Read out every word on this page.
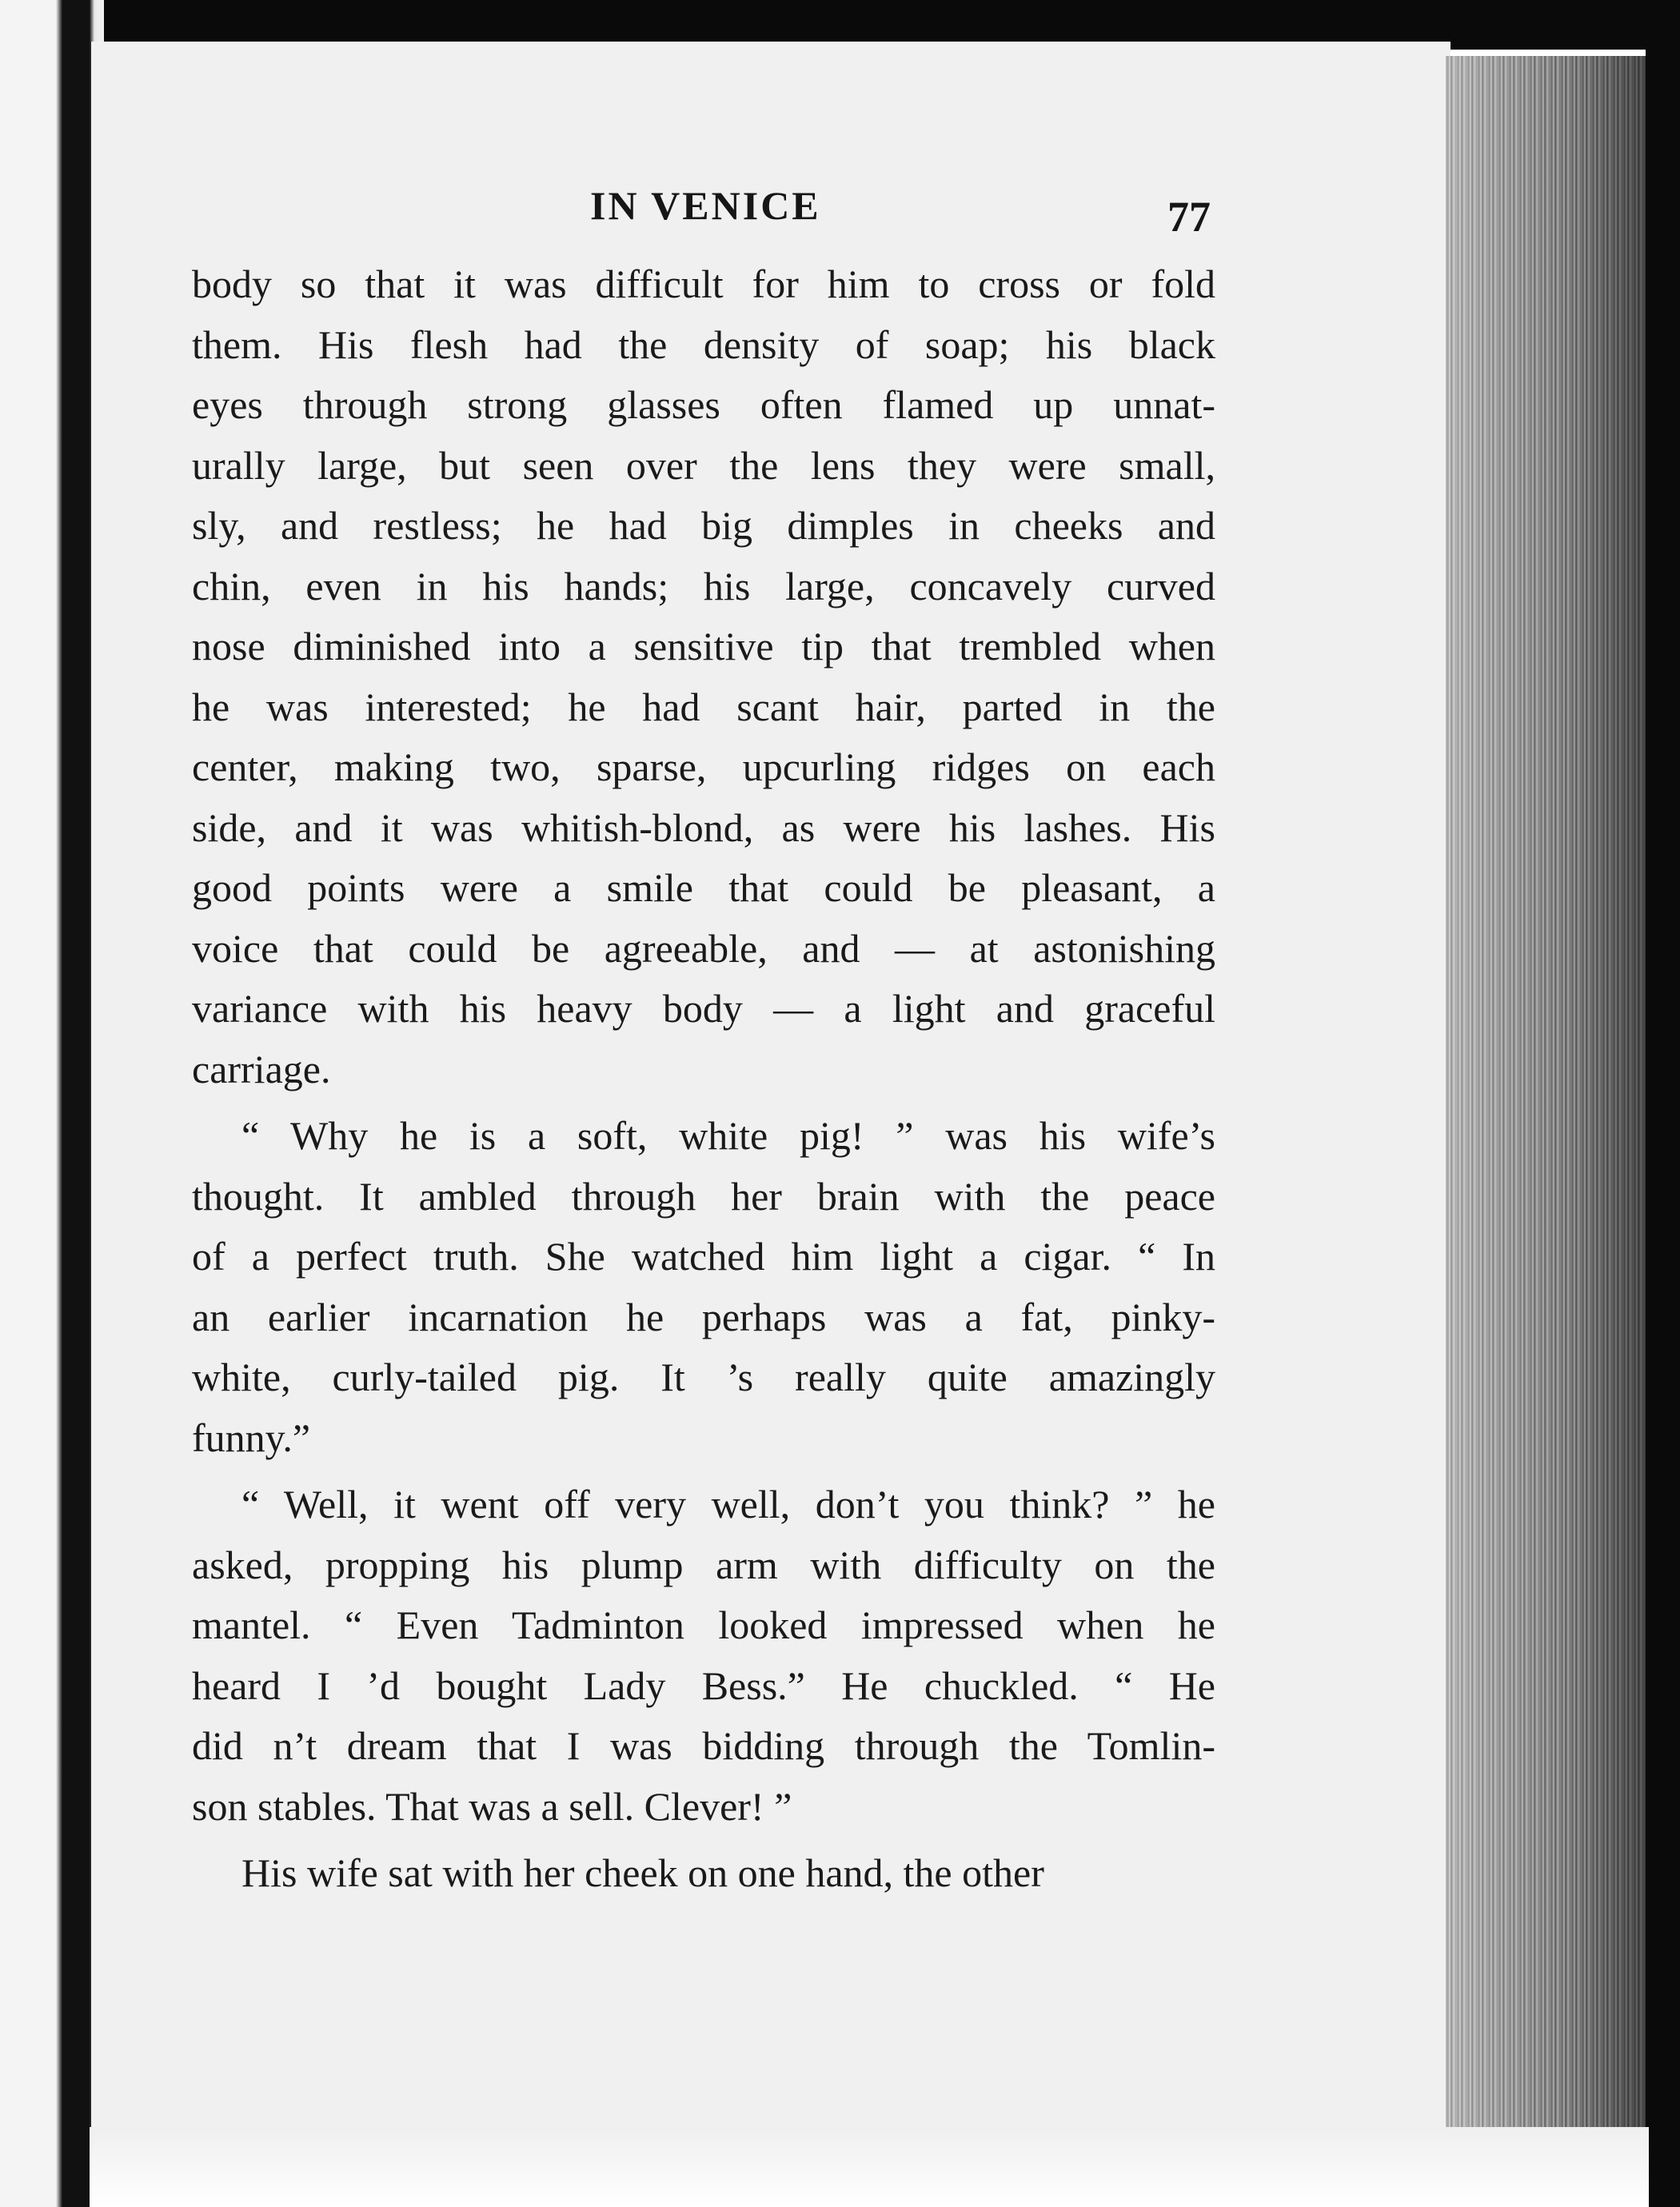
IN VENICE	77
body so that it was difficult for him to cross or fold
them. His flesh had the density of soap; his black
eyes through strong glasses often flamed up unnat-
urally large, but seen over the lens they were small,
sly, and restless; he had big dimples in cheeks and
chin, even in his hands; his large, concavely curved
nose diminished into a sensitive tip that trembled when
he was interested; he had scant hair, parted in the
center, making two, sparse, upcurling ridges on each
side, and it was whitish-blond, as were his lashes. His
good points were a smile that could be pleasant, a
voice that could be agreeable, and — at astonishing
variance with his heavy body — a light and graceful
carriage.
“ Why he is a soft, white pig! ” was his wife’s
thought. It ambled through her brain with the peace
of a perfect truth. She watched him light a cigar. “ In
an earlier incarnation he perhaps was a fat, pinky-
white, curly-tailed pig. It ’s really quite amazingly
funny.”
“ Well, it went off very well, don’t you think? ” he
asked, propping his plump arm with difficulty on the
mantel. “ Even Tadminton looked impressed when he
heard I ’d bought Lady Bess.” He chuckled. “ He
did n’t dream that I was bidding through the Tomlin-
son stables. That was a sell. Clever! ”
His wife sat with her cheek on one hand, the other
